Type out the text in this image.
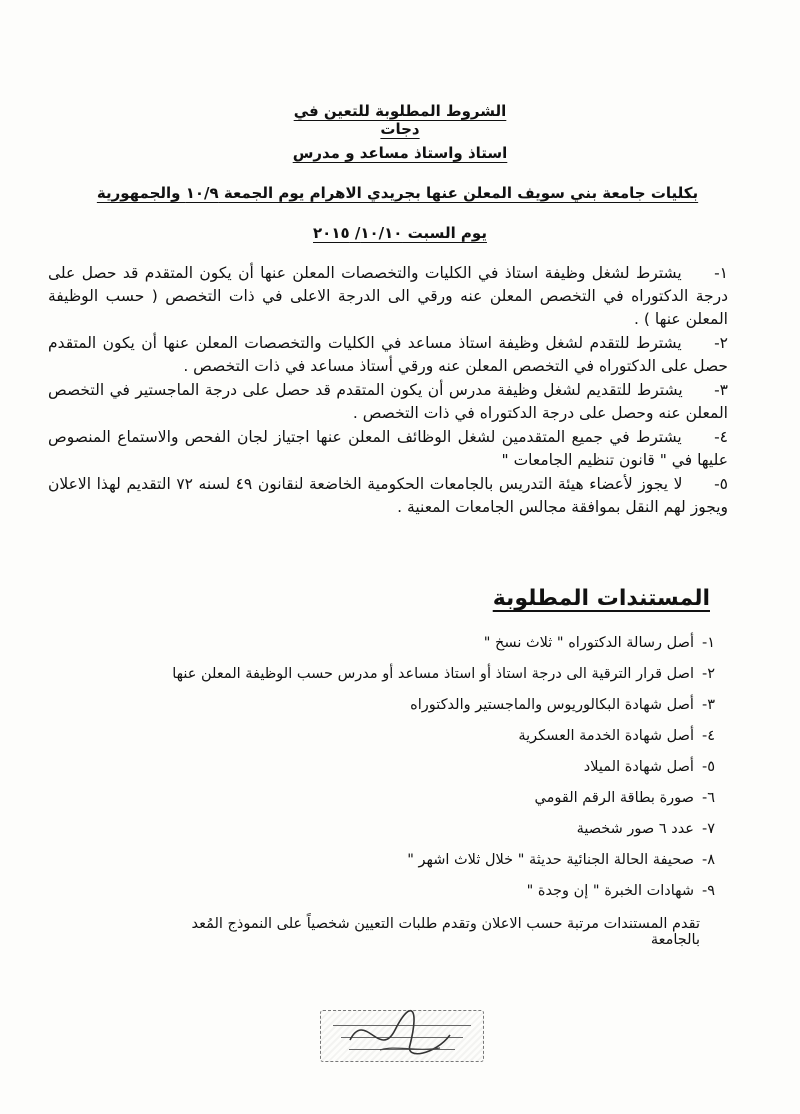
الشروط المطلوبة للتعين في دجات
استاذ واستاذ مساعد و مدرس
بكليات جامعة بني سويف المعلن عنها بجريدي الاهرام يوم الجمعة ١٠/٩ والجمهورية
يوم السبت ١٠/١٠/ ٢٠١٥

١- يشترط لشغل وظيفة استاذ في الكليات والتخصصات المعلن عنها أن يكون المتقدم قد حصل على درجة الدكتوراه في التخصص المعلن عنه ورقي الى الدرجة الاعلى في ذات التخصص ( حسب الوظيفة المعلن عنها ) .

٢- يشترط للتقدم لشغل وظيفة استاذ مساعد في الكليات والتخصصات المعلن عنها أن يكون المتقدم حصل على الدكتوراه في التخصص المعلن عنه ورقي أستاذ مساعد في ذات التخصص .

٣- يشترط للتقديم لشغل وظيفة مدرس أن يكون المتقدم قد حصل على درجة الماجستير في التخصص المعلن عنه وحصل على درجة الدكتوراه في ذات التخصص .

٤- يشترط في جميع المتقدمين لشغل الوظائف المعلن عنها اجتياز لجان الفحص والاستماع المنصوص عليها في " قانون تنظيم الجامعات "

٥- لا يجوز لأعضاء هيئة التدريس بالجامعات الحكومية الخاضعة لنقانون ٤٩ لسنه ٧٢ التقديم لهذا الاعلان ويجوز لهم النقل بموافقة مجالس الجامعات المعنية .

المستندات المطلوبة
١-أصل رسالة الدكتوراه " ثلاث نسخ "
٢-اصل قرار الترقية الى درجة استاذ أو استاذ مساعد أو مدرس حسب الوظيفة المعلن عنها
٣-أصل شهادة البكالوريوس والماجستير والدكتوراه
٤-أصل شهادة الخدمة العسكرية
٥-أصل شهادة الميلاد
٦-صورة بطاقة الرقم القومي
٧-عدد ٦ صور شخصية
٨-صحيفة الحالة الجنائية حديثة " خلال ثلاث اشهر "
٩-شهادات الخبرة " إن وجدة "
تقدم المستندات مرتبة حسب الاعلان وتقدم طلبات التعيين شخصياً على النموذج المُعد بالجامعة
